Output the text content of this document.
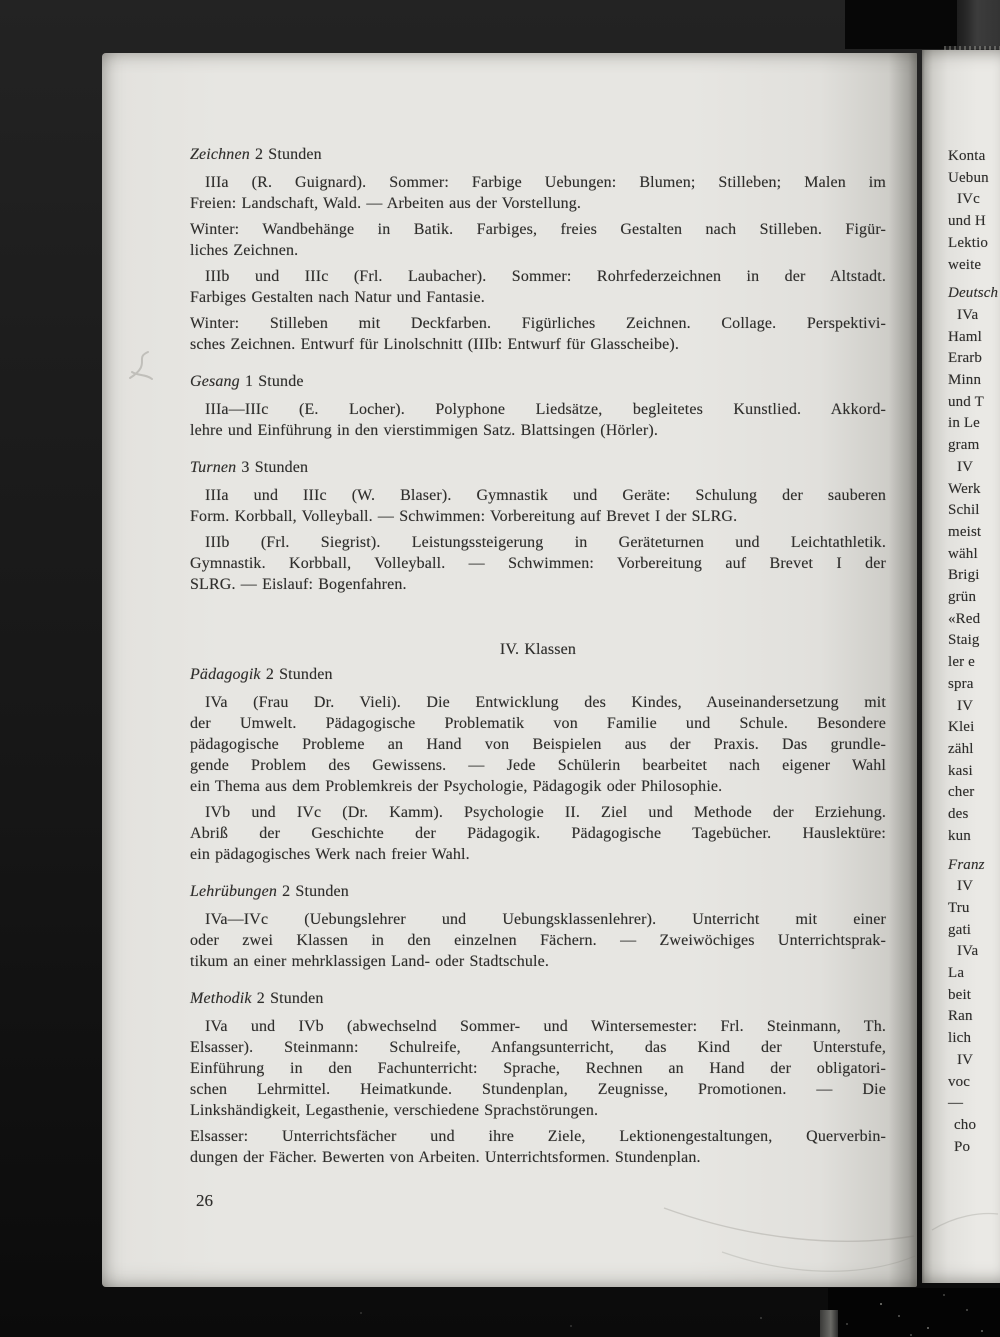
Zeichnen 2 Stunden
IIIa (R. Guignard). Sommer: Farbige Uebungen: Blumen; Stilleben; Malen im
Freien: Landschaft, Wald. — Arbeiten aus der Vorstellung.
Winter: Wandbehänge in Batik. Farbiges, freies Gestalten nach Stilleben. Figür-
liches Zeichnen.
IIIb und IIIc (Frl. Laubacher). Sommer: Rohrfederzeichnen in der Altstadt.
Farbiges Gestalten nach Natur und Fantasie.
Winter: Stilleben mit Deckfarben. Figürliches Zeichnen. Collage. Perspektivi-
sches Zeichnen. Entwurf für Linolschnitt (IIIb: Entwurf für Glasscheibe).
Gesang 1 Stunde
IIIa—IIIc (E. Locher). Polyphone Liedsätze, begleitetes Kunstlied. Akkord-
lehre und Einführung in den vierstimmigen Satz. Blattsingen (Hörler).
Turnen 3 Stunden
IIIa und IIIc (W. Blaser). Gymnastik und Geräte: Schulung der sauberen
Form. Korbball, Volleyball. — Schwimmen: Vorbereitung auf Brevet I der SLRG.
IIIb (Frl. Siegrist). Leistungssteigerung in Geräteturnen und Leichtathletik.
Gymnastik. Korbball, Volleyball. — Schwimmen: Vorbereitung auf Brevet I der
SLRG. — Eislauf: Bogenfahren.
IV. Klassen
Pädagogik 2 Stunden
IVa (Frau Dr. Vieli). Die Entwicklung des Kindes, Auseinandersetzung mit
der Umwelt. Pädagogische Problematik von Familie und Schule. Besondere
pädagogische Probleme an Hand von Beispielen aus der Praxis. Das grundle-
gende Problem des Gewissens. — Jede Schülerin bearbeitet nach eigener Wahl
ein Thema aus dem Problemkreis der Psychologie, Pädagogik oder Philosophie.
IVb und IVc (Dr. Kamm). Psychologie II. Ziel und Methode der Erziehung.
Abriß der Geschichte der Pädagogik. Pädagogische Tagebücher. Hauslektüre:
ein pädagogisches Werk nach freier Wahl.
Lehrübungen 2 Stunden
IVa—IVc (Uebungslehrer und Uebungsklassenlehrer). Unterricht mit einer
oder zwei Klassen in den einzelnen Fächern. — Zweiwöchiges Unterrichtsprak-
tikum an einer mehrklassigen Land- oder Stadtschule.
Methodik 2 Stunden
IVa und IVb (abwechselnd Sommer- und Wintersemester: Frl. Steinmann, Th.
Elsasser). Steinmann: Schulreife, Anfangsunterricht, das Kind der Unterstufe,
Einführung in den Fachunterricht: Sprache, Rechnen an Hand der obligatori-
schen Lehrmittel. Heimatkunde. Stundenplan, Zeugnisse, Promotionen. — Die
Linkshändigkeit, Legasthenie, verschiedene Sprachstörungen.
Elsasser: Unterrichtsfächer und ihre Ziele, Lektionengestaltungen, Querverbin-
dungen der Fächer. Bewerten von Arbeiten. Unterrichtsformen. Stundenplan.
26
Konta
Uebun
IVc
und H
Lektio
weite
Deutsch
IVa
Haml
Erarb
Minn
und T
in Le
gram
IV
Werk
Schil
meist
wähl
Brigi
grün
«Red
Staig
ler e
spra
IV
Klei
zähl
kasi
cher
des
kun
Franz
IV
Tru
gati
IVa
La
beit
Ran
lich
IV
voc
—
cho
Po
